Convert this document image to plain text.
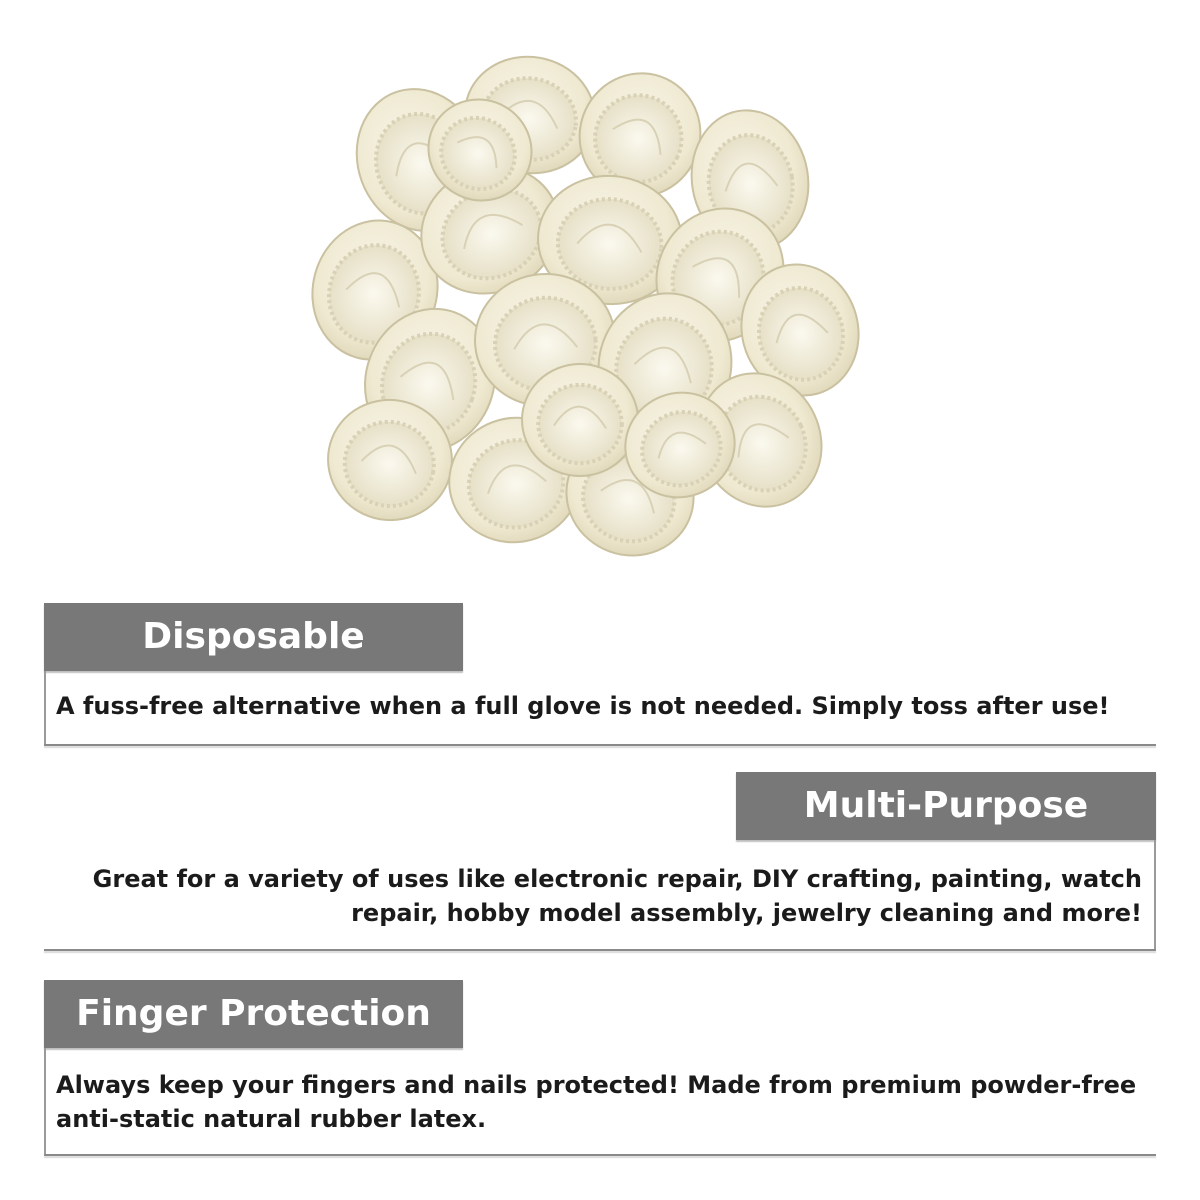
Disposable
A fuss-free alternative when a full glove is not needed. Simply toss after use!
Multi-Purpose
Great for a variety of uses like electronic repair, DIY crafting, painting, watch
repair, hobby model assembly, jewelry cleaning and more!
Finger Protection
Always keep your fingers and nails protected! Made from premium powder-free
anti-static natural rubber latex.
